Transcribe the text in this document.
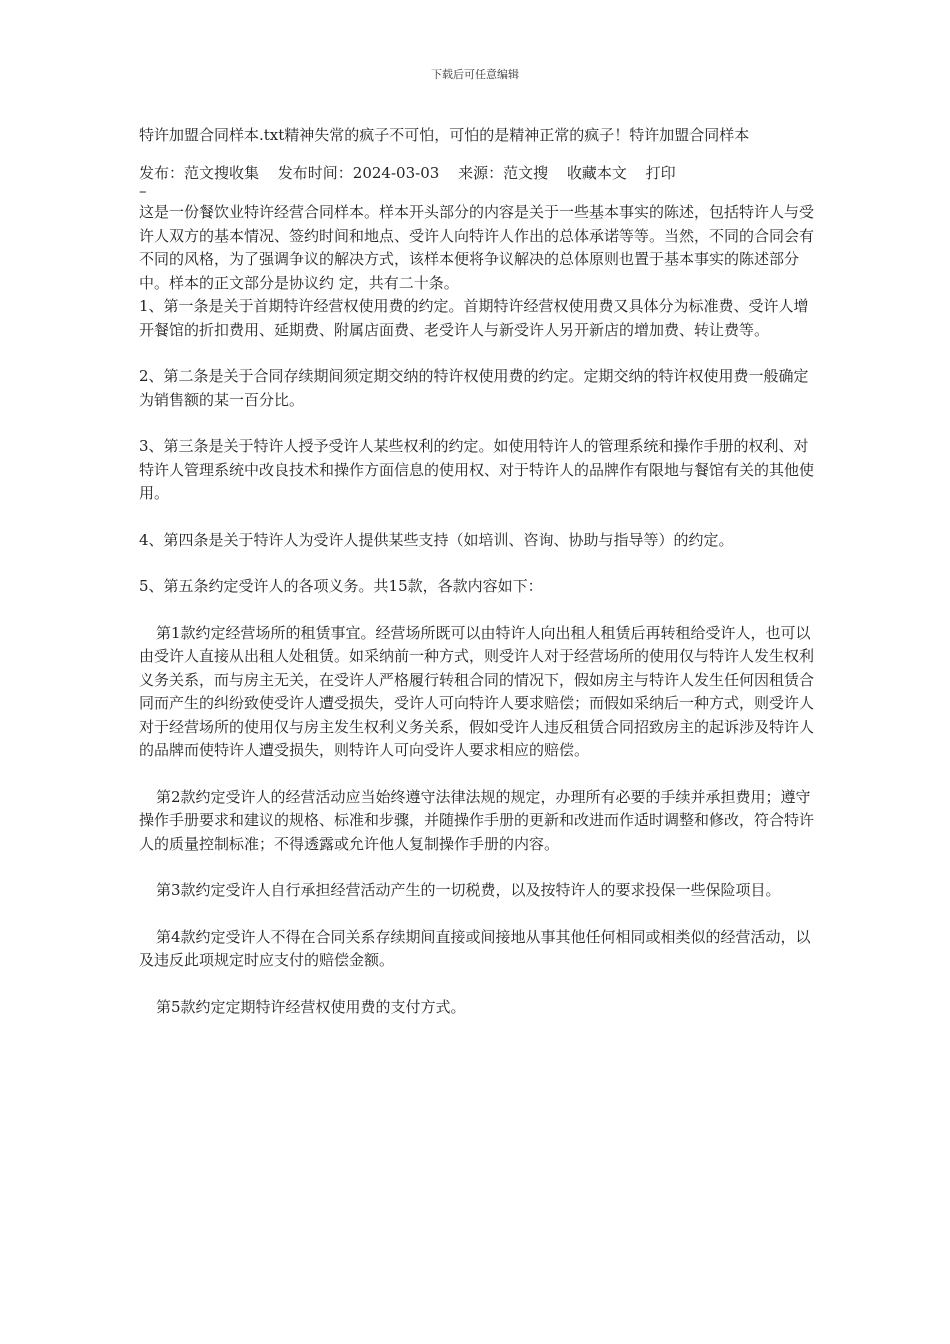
下载后可任意编辑
特许加盟合同样本.txt精神失常的疯子不可怕，可怕的是精神正常的疯子！特许加盟合同样本
发布：范文搜收集 发布时间：2024-03-03 来源：范文搜 收藏本文 打印
–

这是一份餐饮业特许经营合同样本。样本开头部分的内容是关于一些基本事实的陈述，包括特许人与受许人双方的基本情况、签约时间和地点、受许人向特许人作出的总体承诺等等。当然，不同的合同会有不同的风格，为了强调争议的解决方式，该样本便将争议解决的总体原则也置于基本事实的陈述部分中。样本的正文部分是协议约 定，共有二十条。

1、第一条是关于首期特许经营权使用费的约定。首期特许经营权使用费又具体分为标准费、受许人增开餐馆的折扣费用、延期费、附属店面费、老受许人与新受许人另开新店的增加费、转让费等。

2、第二条是关于合同存续期间须定期交纳的特许权使用费的约定。定期交纳的特许权使用费一般确定为销售额的某一百分比。

3、第三条是关于特许人授予受许人某些权利的约定。如使用特许人的管理系统和操作手册的权利、对特许人管理系统中改良技术和操作方面信息的使用权、对于特许人的品牌作有限地与餐馆有关的其他使用。

4、第四条是关于特许人为受许人提供某些支持（如培训、咨询、协助与指导等）的约定。

5、第五条约定受许人的各项义务。共15款，各款内容如下：

第1款约定经营场所的租赁事宜。经营场所既可以由特许人向出租人租赁后再转租给受许人，也可以由受许人直接从出租人处租赁。如采纳前一种方式，则受许人对于经营场所的使用仅与特许人发生权利义务关系，而与房主无关，在受许人严格履行转租合同的情况下，假如房主与特许人发生任何因租赁合同而产生的纠纷致使受许人遭受损失，受许人可向特许人要求赔偿；而假如采纳后一种方式，则受许人对于经营场所的使用仅与房主发生权利义务关系，假如受许人违反租赁合同招致房主的起诉涉及特许人的品牌而使特许人遭受损失，则特许人可向受许人要求相应的赔偿。

第2款约定受许人的经营活动应当始终遵守法律法规的规定，办理所有必要的手续并承担费用；遵守操作手册要求和建议的规格、标准和步骤，并随操作手册的更新和改进而作适时调整和修改，符合特许人的质量控制标准；不得透露或允许他人复制操作手册的内容。

第3款约定受许人自行承担经营活动产生的一切税费，以及按特许人的要求投保一些保险项目。

第4款约定受许人不得在合同关系存续期间直接或间接地从事其他任何相同或相类似的经营活动，以及违反此项规定时应支付的赔偿金额。

第5款约定定期特许经营权使用费的支付方式。
